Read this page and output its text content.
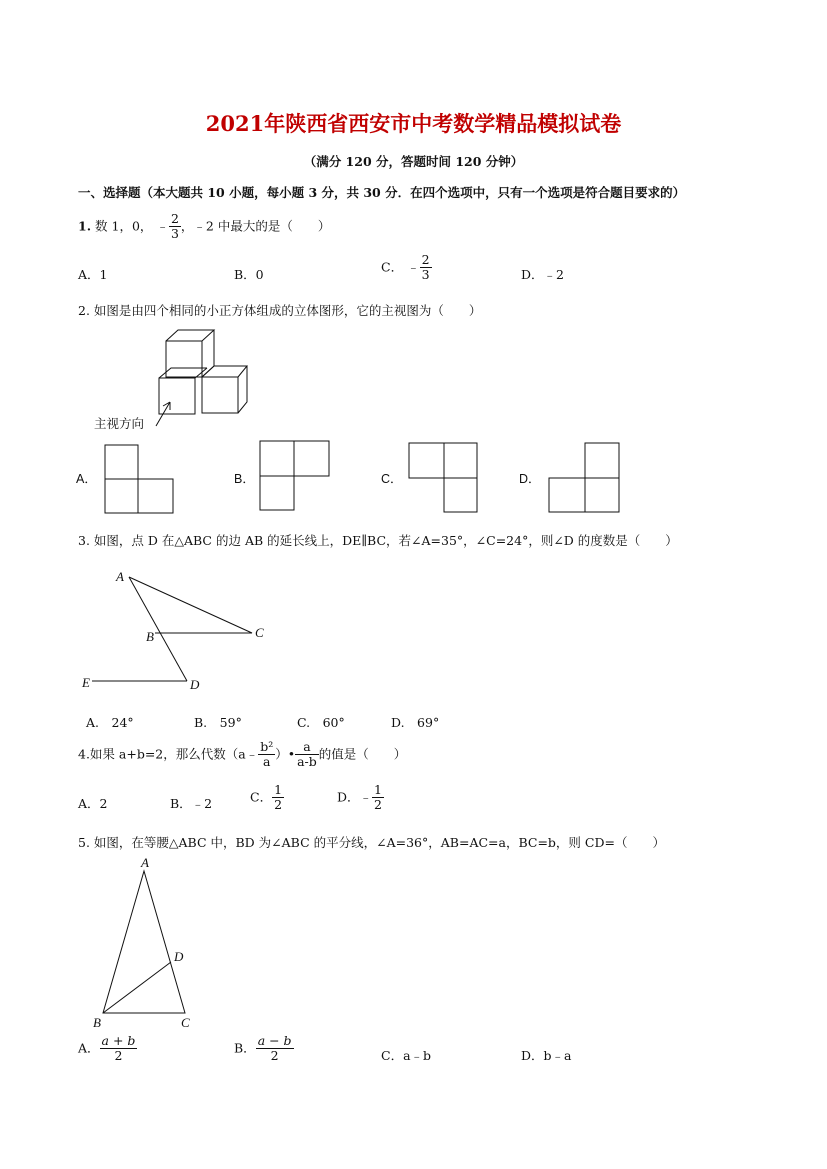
2021年陕西省西安市中考数学精品模拟试卷
（满分 120 分，答题时间 120 分钟）
一、选择题（本大题共 10 小题，每小题 3 分，共 30 分．在四个选项中，只有一个选项是符合题目要求的）
1. 数 1，0， ﹣ $\frac{2}{3}$ ，﹣2 中最大的是（　　）
A．1	B．0
C． ﹣ $\frac{2}{3}$	D．﹣2
2. 如图是由四个相同的小正方体组成的立体图形，它的主视图为（　　）
主视方向
A．	B．	C．	D．
3. 如图，点 D 在△ABC 的边 AB 的延长线上，DE∥BC，若∠A=35°，∠C=24°，则∠D 的度数是（　　）
A
B	C
D
E
A.　24°	B.　59°	C.　60°	D.　69°
4.如果 a+b=2，那么代数（a﹣ $\frac{\text{b²}}{a}$ ）• $\frac{a}{a-b}$ 的值是（　　）
A．2	B．﹣2	C． $\frac{1}{2}$	D．﹣ $\frac{1}{2}$
5. 如图，在等腰△ABC 中，BD 为∠ABC 的平分线，∠A=36°，AB=AC=a，BC=b，则 CD=（　　）
A
B	C
D
A． $\frac{a + b}{2}$	B． $\frac{a - b}{2}$	C．a﹣b	D．b﹣a
